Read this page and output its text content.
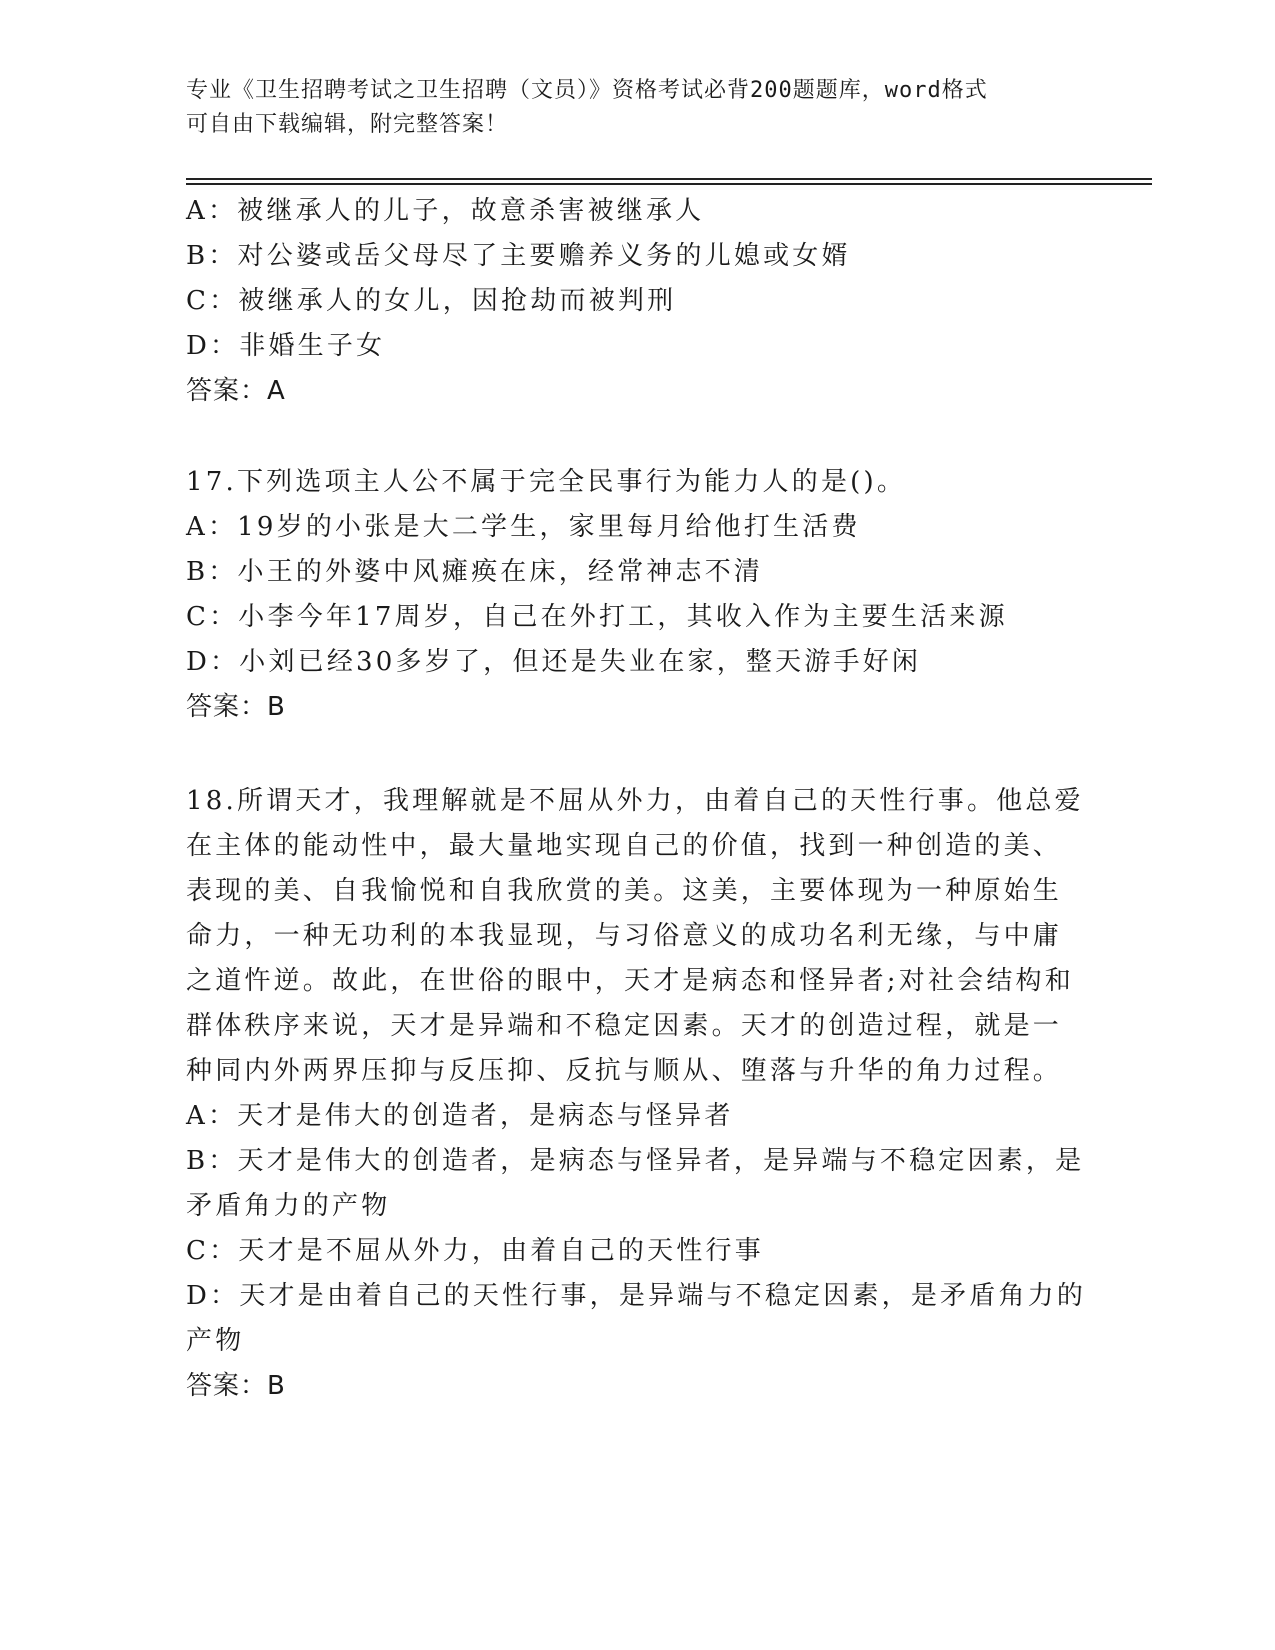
专业《卫生招聘考试之卫生招聘（文员）》资格考试必背200题题库，word格式
可自由下载编辑，附完整答案！
A：被继承人的儿子，故意杀害被继承人
B：对公婆或岳父母尽了主要赡养义务的儿媳或女婿
C：被继承人的女儿，因抢劫而被判刑
D：非婚生子女
答案：A
17.下列选项主人公不属于完全民事行为能力人的是()。
A：19岁的小张是大二学生，家里每月给他打生活费
B：小王的外婆中风瘫痪在床，经常神志不清
C：小李今年17周岁，自己在外打工，其收入作为主要生活来源
D：小刘已经30多岁了，但还是失业在家，整天游手好闲
答案：B
18.所谓天才，我理解就是不屈从外力，由着自己的天性行事。他总爱
在主体的能动性中，最大量地实现自己的价值，找到一种创造的美、
表现的美、自我愉悦和自我欣赏的美。这美，主要体现为一种原始生
命力，一种无功利的本我显现，与习俗意义的成功名利无缘，与中庸
之道忤逆。故此，在世俗的眼中，天才是病态和怪异者;对社会结构和
群体秩序来说，天才是异端和不稳定因素。天才的创造过程，就是一
种同内外两界压抑与反压抑、反抗与顺从、堕落与升华的角力过程。
A：天才是伟大的创造者，是病态与怪异者
B：天才是伟大的创造者，是病态与怪异者，是异端与不稳定因素，是
矛盾角力的产物
C：天才是不屈从外力，由着自己的天性行事
D：天才是由着自己的天性行事，是异端与不稳定因素，是矛盾角力的
产物
答案：B
